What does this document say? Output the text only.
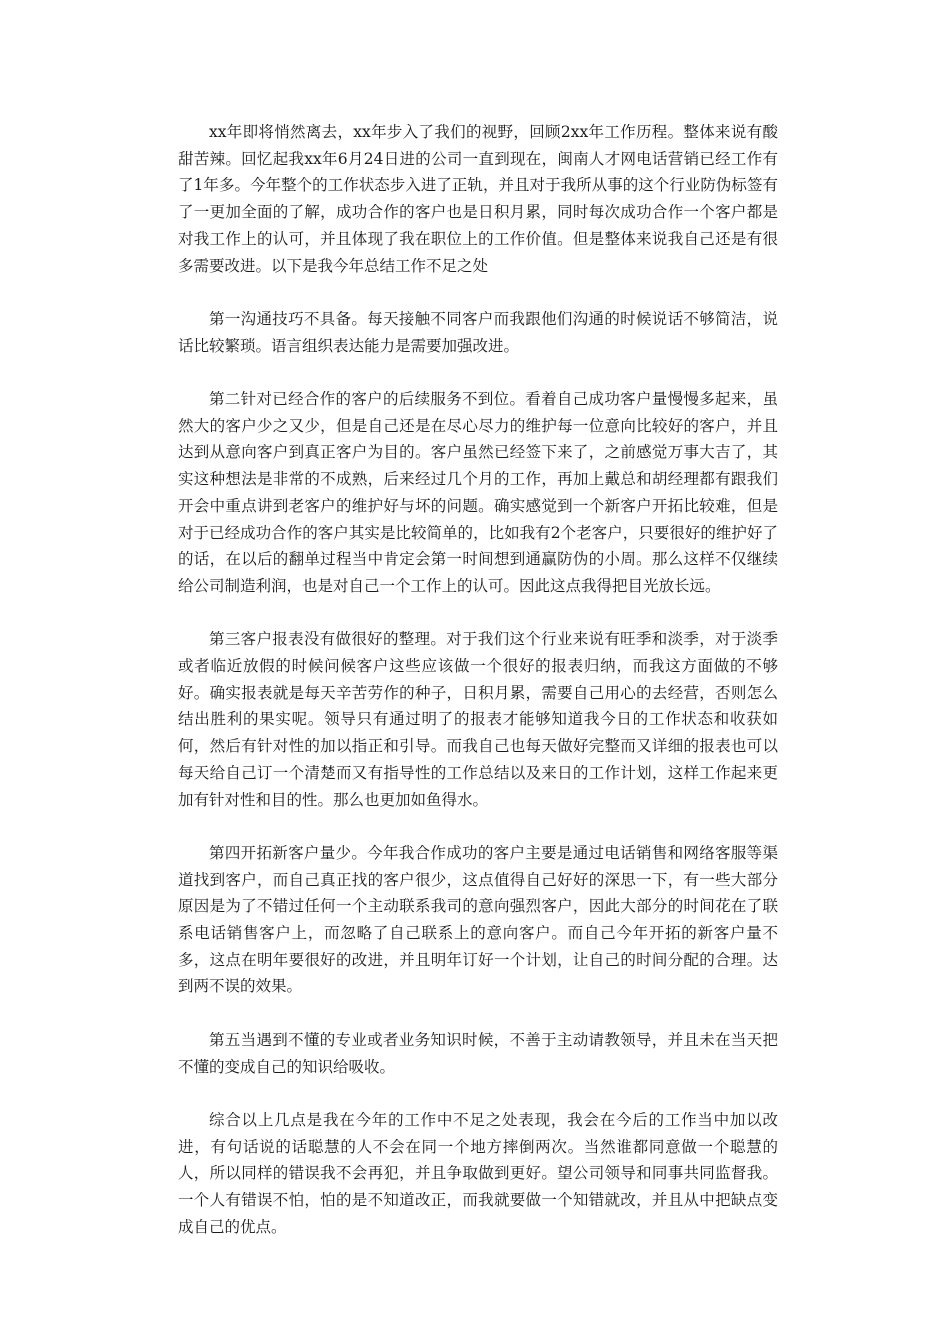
xx年即将悄然离去，xx年步入了我们的视野，回顾2xx年工作历程。整体来说有酸甜苦辣。回忆起我xx年6月24日进的公司一直到现在，闽南人才网电话营销已经工作有了1年多。今年整个的工作状态步入进了正轨，并且对于我所从事的这个行业防伪标签有了一更加全面的了解，成功合作的客户也是日积月累，同时每次成功合作一个客户都是对我工作上的认可，并且体现了我在职位上的工作价值。但是整体来说我自己还是有很多需要改进。以下是我今年总结工作不足之处

第一沟通技巧不具备。每天接触不同客户而我跟他们沟通的时候说话不够简洁，说话比较繁琐。语言组织表达能力是需要加强改进。

第二针对已经合作的客户的后续服务不到位。看着自己成功客户量慢慢多起来，虽然大的客户少之又少，但是自己还是在尽心尽力的维护每一位意向比较好的客户，并且达到从意向客户到真正客户为目的。客户虽然已经签下来了，之前感觉万事大吉了，其实这种想法是非常的不成熟，后来经过几个月的工作，再加上戴总和胡经理都有跟我们开会中重点讲到老客户的维护好与坏的问题。确实感觉到一个新客户开拓比较难，但是对于已经成功合作的客户其实是比较简单的，比如我有2个老客户，只要很好的维护好了的话，在以后的翻单过程当中肯定会第一时间想到通赢防伪的小周。那么这样不仅继续给公司制造利润，也是对自己一个工作上的认可。因此这点我得把目光放长远。

第三客户报表没有做很好的整理。对于我们这个行业来说有旺季和淡季，对于淡季或者临近放假的时候问候客户这些应该做一个很好的报表归纳，而我这方面做的不够好。确实报表就是每天辛苦劳作的种子，日积月累，需要自己用心的去经营，否则怎么结出胜利的果实呢。领导只有通过明了的报表才能够知道我今日的工作状态和收获如何，然后有针对性的加以指正和引导。而我自己也每天做好完整而又详细的报表也可以每天给自己订一个清楚而又有指导性的工作总结以及来日的工作计划，这样工作起来更加有针对性和目的性。那么也更加如鱼得水。

第四开拓新客户量少。今年我合作成功的客户主要是通过电话销售和网络客服等渠道找到客户，而自己真正找的客户很少，这点值得自己好好的深思一下，有一些大部分原因是为了不错过任何一个主动联系我司的意向强烈客户，因此大部分的时间花在了联系电话销售客户上，而忽略了自己联系上的意向客户。而自己今年开拓的新客户量不多，这点在明年要很好的改进，并且明年订好一个计划，让自己的时间分配的合理。达到两不误的效果。

第五当遇到不懂的专业或者业务知识时候，不善于主动请教领导，并且未在当天把不懂的变成自己的知识给吸收。

综合以上几点是我在今年的工作中不足之处表现，我会在今后的工作当中加以改进，有句话说的话聪慧的人不会在同一个地方摔倒两次。当然谁都同意做一个聪慧的人，所以同样的错误我不会再犯，并且争取做到更好。望公司领导和同事共同监督我。一个人有错误不怕，怕的是不知道改正，而我就要做一个知错就改，并且从中把缺点变成自己的优点。
